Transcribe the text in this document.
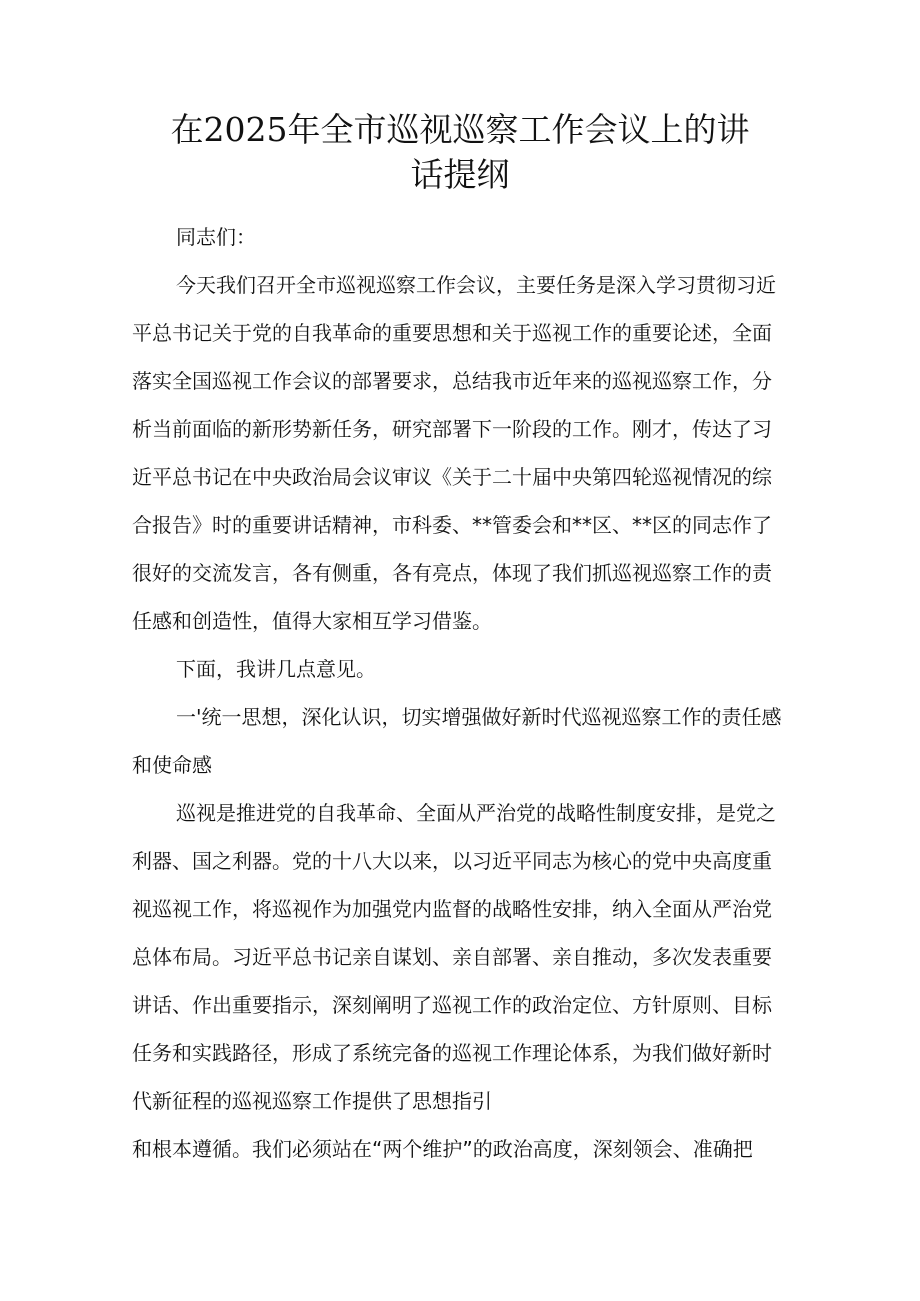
在2025年全市巡视巡察工作会议上的讲
话提纲
同志们：
今天我们召开全市巡视巡察工作会议，主要任务是深入学习贯彻习近
平总书记关于党的自我革命的重要思想和关于巡视工作的重要论述，全面
落实全国巡视工作会议的部署要求，总结我市近年来的巡视巡察工作，分
析当前面临的新形势新任务，研究部署下一阶段的工作。刚才，传达了习
近平总书记在中央政治局会议审议《关于二十届中央第四轮巡视情况的综
合报告》时的重要讲话精神，市科委、**管委会和**区、**区的同志作了
很好的交流发言，各有侧重，各有亮点，体现了我们抓巡视巡察工作的责
任感和创造性，值得大家相互学习借鉴。
下面，我讲几点意见。
一'统一思想，深化认识，切实增强做好新时代巡视巡察工作的责任感
和使命感
巡视是推进党的自我革命、全面从严治党的战略性制度安排，是党之
利器、国之利器。党的十八大以来，以习近平同志为核心的党中央高度重
视巡视工作，将巡视作为加强党内监督的战略性安排，纳入全面从严治党
总体布局。习近平总书记亲自谋划、亲自部署、亲自推动，多次发表重要
讲话、作出重要指示，深刻阐明了巡视工作的政治定位、方针原则、目标
任务和实践路径，形成了系统完备的巡视工作理论体系，为我们做好新时
代新征程的巡视巡察工作提供了思想指引
和根本遵循。我们必须站在“两个维护”的政治高度，深刻领会、准确把
